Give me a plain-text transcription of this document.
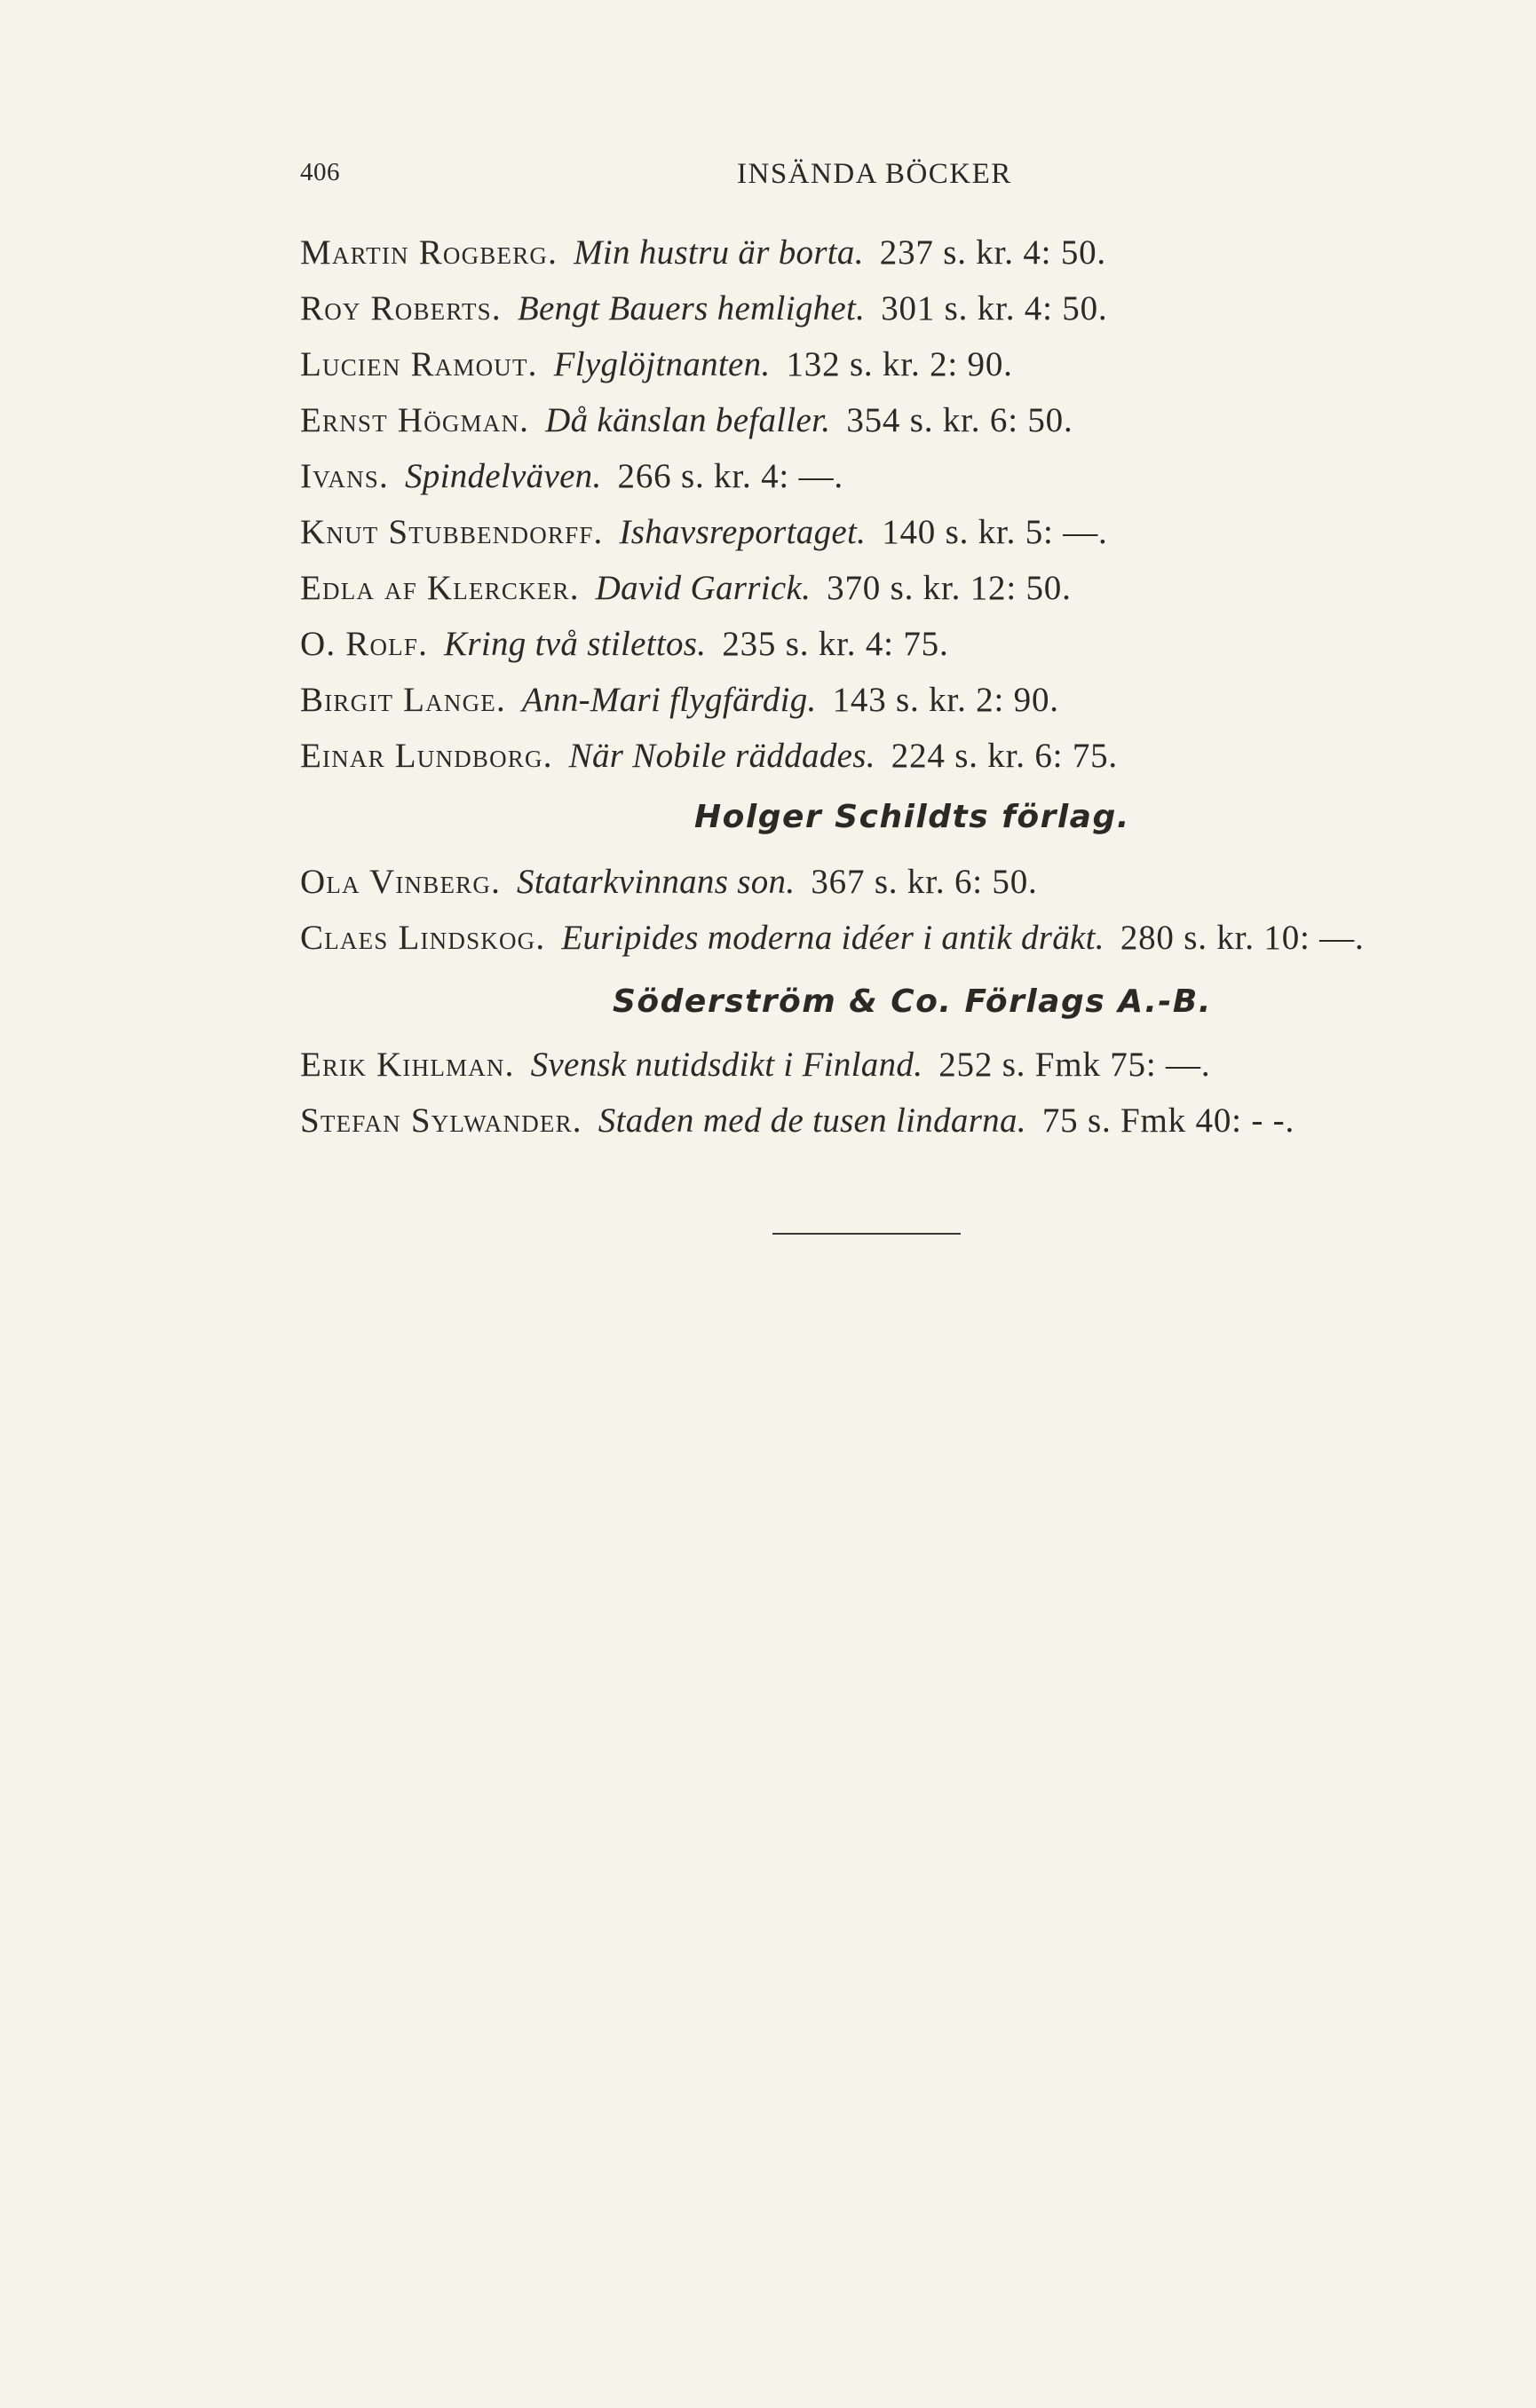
406	INSÄNDA BÖCKER
Martin Rogberg. Min hustru är borta. 237 s. kr. 4: 50.
Roy Roberts. Bengt Bauers hemlighet. 301 s. kr. 4: 50.
Lucien Ramout. Flyglöjtnanten. 132 s. kr. 2: 90.
Ernst Högman. Då känslan befaller. 354 s. kr. 6: 50.
Ivans. Spindelväven. 266 s. kr. 4: —.
Knut Stubbendorff. Ishavsreportaget. 140 s. kr. 5: —.
Edla af Klercker. David Garrick. 370 s. kr. 12: 50.
O. Rolf. Kring två stilettos. 235 s. kr. 4: 75.
Birgit Lange. Ann-Mari flygfärdig. 143 s. kr. 2: 90.
Einar Lundborg. När Nobile räddades. 224 s. kr. 6: 75.
Holger Schildts förlag.
Ola Vinberg. Statarkvinnans son. 367 s. kr. 6: 50.
Claes Lindskog. Euripides moderna idéer i antik dräkt. 280 s. kr. 10: —.
Söderström & Co. Förlags A.-B.
Erik Kihlman. Svensk nutidsdikt i Finland. 252 s. Fmk 75: —.
Stefan Sylwander. Staden med de tusen lindarna. 75 s. Fmk 40: - -.
